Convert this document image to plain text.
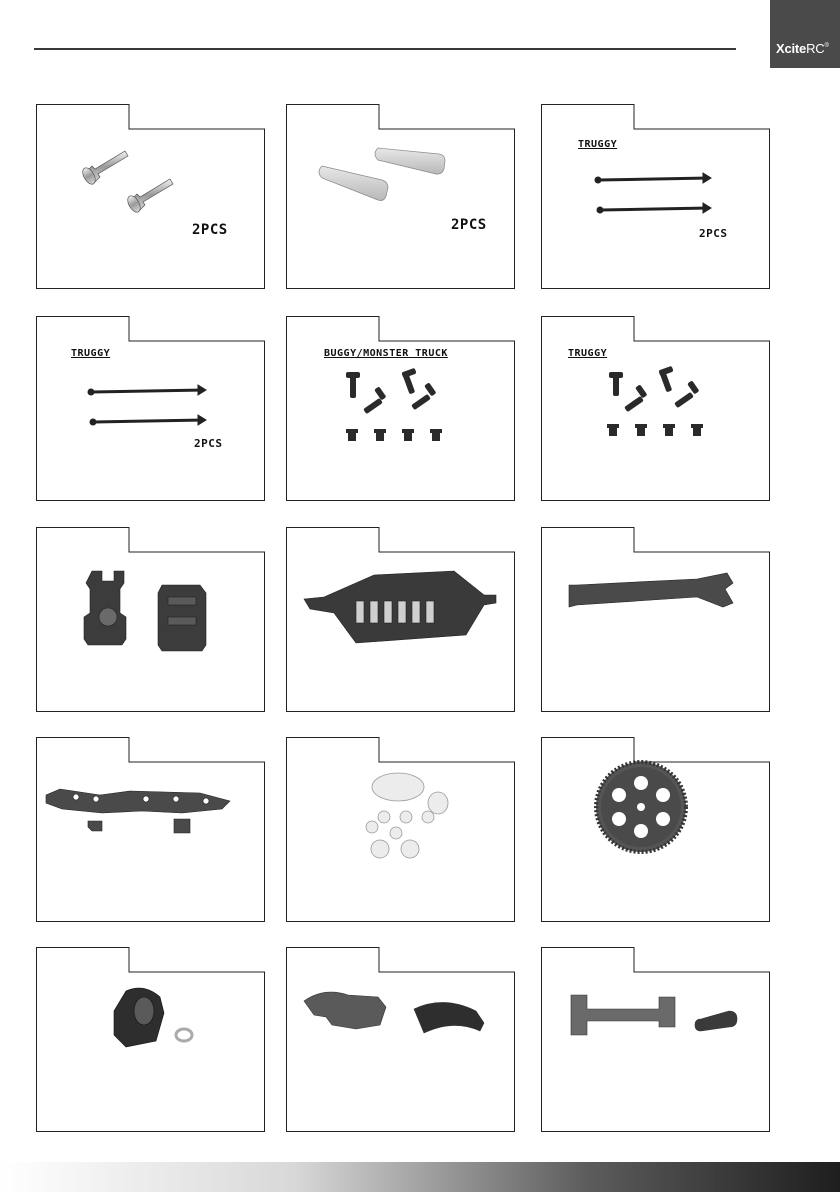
XciteRC®
2PCS	2PCS
TRUGGY
2PCS
TRUGGY
2PCS
BUGGY/MONSTER TRUCK	TRUGGY
